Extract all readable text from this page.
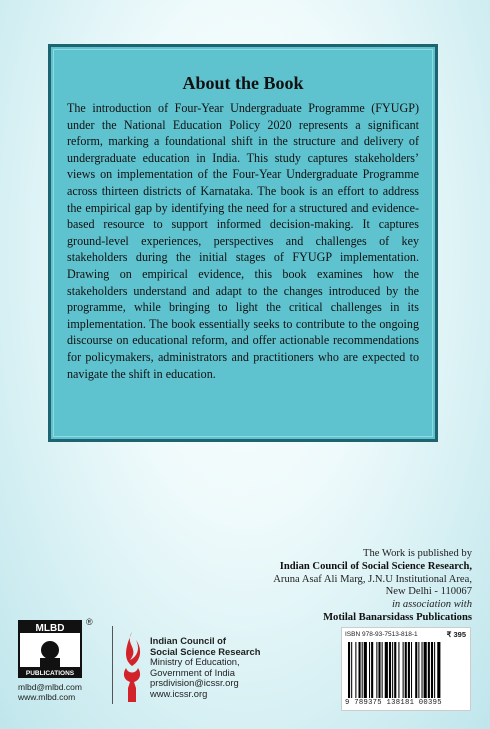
About the Book

The introduction of Four-Year Undergraduate Programme (FYUGP) under the National Education Policy 2020 represents a significant reform, marking a foundational shift in the structure and delivery of undergraduate education in India. This study captures stakeholders’ views on implementation of the Four-Year Undergraduate Programme across thirteen districts of Karnataka. The book is an effort to address the empirical gap by identifying the need for a structured and evidence-based resource to support informed decision-making. It captures ground-level experiences, perspectives and challenges of key stakeholders during the initial stages of FYUGP implementation. Drawing on empirical evidence, this book examines how the stakeholders understand and adapt to the changes introduced by the programme, while bringing to light the critical challenges in its implementation. The book essentially seeks to contribute to the ongoing discourse on educational reform, and offer actionable recommendations for policymakers, administrators and practitioners who are expected to navigate the shift in education.

The Work is published by
Indian Council of Social Science Research,
Aruna Asaf Ali Marg, J.N.U Institutional Area,
New Delhi - 110067
in association with
Motilal Banarsidass Publications
MLBD
PUBLICATIONS
®
mlbd@mlbd.com
www.mlbd.com
Indian Council of
Social Science Research
Ministry of Education,
Government of India
prsdivision@icssr.org
www.icssr.org
ISBN 978-93-7513-818-1	₹ 395
9 789375 138181 00395
